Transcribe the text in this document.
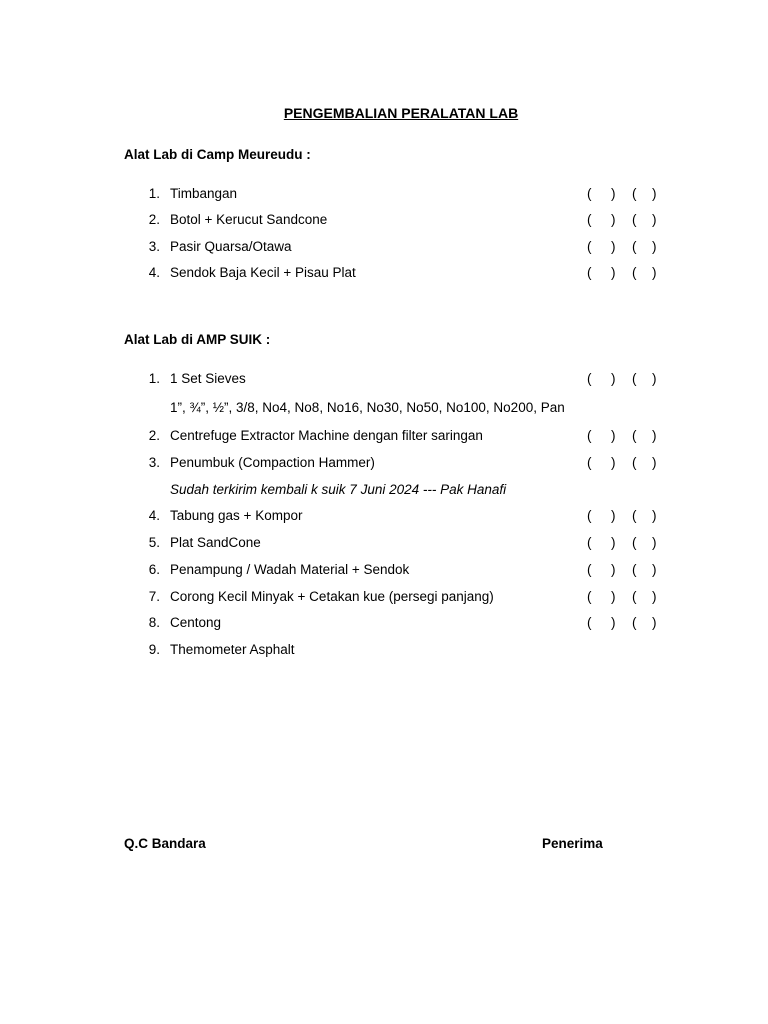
PENGEMBALIAN PERALATAN LAB
Alat Lab di Camp Meureudu :
1. Timbangan	( ) ( )
2. Botol + Kerucut Sandcone	( ) ( )
3. Pasir Quarsa/Otawa	( ) ( )
4. Sendok Baja Kecil + Pisau Plat	( ) ( )
Alat Lab di AMP SUIK :
1. 1 Set Sieves	( ) ( )
1”, ¾”, ½”, 3/8, No4, No8, No16, No30, No50, No100, No200, Pan
2. Centrefuge Extractor Machine dengan filter saringan	( ) ( )
3. Penumbuk (Compaction Hammer)	( ) ( )
Sudah terkirim kembali k suik 7 Juni 2024 --- Pak Hanafi
4. Tabung gas + Kompor	( ) ( )
5. Plat SandCone	( ) ( )
6. Penampung / Wadah Material + Sendok	( ) ( )
7. Corong Kecil Minyak + Cetakan kue (persegi panjang)	( ) ( )
8. Centong	( ) ( )
9. Themometer Asphalt
Q.C Bandara	Penerima
